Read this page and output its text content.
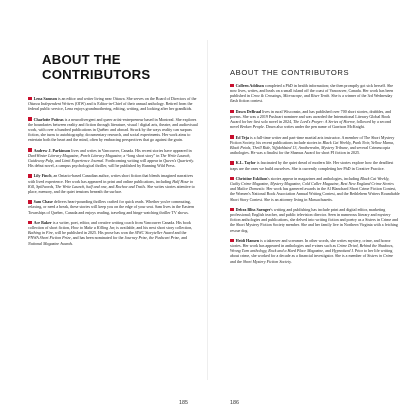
ABOUT THE CONTRIBUTORS

Lena Samson is an editor and writer living near Ottawa. She serves on the Board of Directors of the Ottawa Independent Writers (OIW) and is Editor-in-Chief of their annual anthology. Retired from the federal public service, Lena enjoys grandmothering, editing, writing, and looking after her grandkids.

Charlotte Poitras is a neurodivergent and queer artist-entrepreneur based in Montreal. She explores the boundaries between reality and fiction through literature, visual / digital arts, theatre, and audiovisual work, with over a hundred publications in Québec and abroad. Struck by the ways reality can surpass fiction, she turns to autobiography, documentary research, and social experiments. Her work aims to entertain both the heart and the mind, often by embracing perspectives that go against the grain.

Andrew J. Parkinson lives and writes in Vancouver, Canada. His recent stories have appeared in DarkWinter Literary Magazine, Porch Literary Magazine, a “long short story” in The Write Launch, Guideway Pulp, and Limit Experience Journal. Forthcoming writing will appear in Queen's Quarterly. His debut novel, a campus psychological thriller, will be published by Running Wild Press.

Lily Finch, an Ontario-based Canadian author, writes short fiction that blends imagined narratives with lived experience. Her work has appeared in print and online publications, including Half Hour to Kill, Spillwords, The Write Launch, half and one, and Rochoe and Trails. She writes stories attentive to place, memory, and the quiet tensions beneath the surface.

Sam Chase delivers heart-pounding thrillers crafted for quick reads. Whether you're commuting, relaxing, or need a break, these stories will keep you on the edge of your seat. Sam lives in the Eastern Townships of Quebec, Canada and enjoys reading, traveling and binge-watching thriller TV shows.

Ace Baker is a writer, poet, editor, and creative writing coach from Vancouver Canada. His book collection of short fiction, How to Make a Killing Jar, is available, and his next short story collection, Bathing in Fire, will be published in 2025. His prose has won the SIWC Storyteller Award and the PNWA Short Fiction Prize, and has been nominated for the Journey Prize, the Pushcart Prize, and National Magazine Awards.

185
ABOUT THE CONTRIBUTORS

Colleen Addison completed a PhD in health information; she then promptly got sick herself. She now lives, writes, and heals on a small island off the coast of Vancouver, Canada. Her work has been published in Crow & Crossings, Microscope, and Riser Tenth. She is a winner of the 3rd Wednesday flash fiction contest.

Dawn DeBraal lives in rural Wisconsin, and has published over 700 short stories, drabbles, and poems. She was a 2019 Pushcart nominee and was awarded the International Literary Global Book Award for her first solo novel in 2024, The Lord's Prayer: A Series of Horror, followed by a second novel Broken People. Dawn also writes under the pen name of Garrison McKnight.

Ed Teja is a full-time writer and part-time martial arts instructor. A member of The Short Mystery Fiction Society, his recent publications include stories in Black Cat Weekly, Punk Noir, Yellow Mama, Black Petals, Thrill Ride, Ytfjdahlsted 13, Anotherealm, Mystery Tribune, and several Crimeucopia anthologies. He was a finalist for the Shamus Award for short PI fiction in 2025.

K.L. Taylor is fascinated by the quiet dread of modern life. Her stories explore how the deadliest traps are the ones we build ourselves. She is currently completing her PhD in Creative Practice.

Christine Eskilson's stories appear in magazines and anthologies, including Black Cat Weekly, Guilty Crime Magazine, Mystery Magazine, Cold Caller Magazine, Best New England Crime Stories and Malice Domestic. Her work has garnered awards in the Al Blanchard Short Crime Fiction Contest, the Women's National Book Association Annual Writing Contest, and the Bethlehem Writers Roundtable Short Story Contest. She is an attorney living in Massachusetts.

Debra Bliss Saenger's writing and publishing has include print and digital editor, marketing professional; English teacher, and public television director. Seen in numerous literary and mystery fiction anthologies and publications, she delved into writing fiction and poetry as a Sisters in Crime and the Short Mystery Fiction Society member. She and her family live in Northern Virginia with a fetching rescue dog.

Heidi Hansen is a takeover and screamer. In other words, she writes mystery, crime, and horror stories. Her work has appeared in anthologies and e-zines such as Crime Dried, Behind the Shadows, Wrong Turn anthology, Rock and a Hard Place Magazine, and Hypnotized I. Prior to her life writing about crime, she worked for a decade as a financial investigator. She is a member of Sisters in Crime and the Short Mystery Fiction Society.

186
